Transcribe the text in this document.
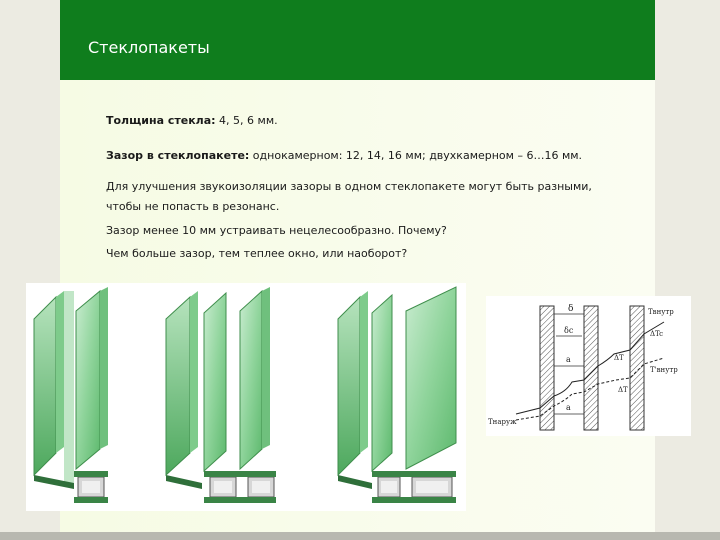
Стеклопакеты
Толщина стекла: 4, 5, 6 мм.
Зазор в стеклопакете: однокамерном: 12, 14, 16 мм; двухкамерном – 6…16 мм.
Для улучшения звукоизоляции зазоры в одном стеклопакете могут быть разными,
чтобы не попасть в резонанс.
Зазор менее 10 мм устраивать нецелесообразно. Почему?
Чем больше зазор, тем теплее окно, или наоборот?
δ
δc
Tвнутр
ΔTc
ΔT
ΔT
a
a
T'внутр
Tнаруж
